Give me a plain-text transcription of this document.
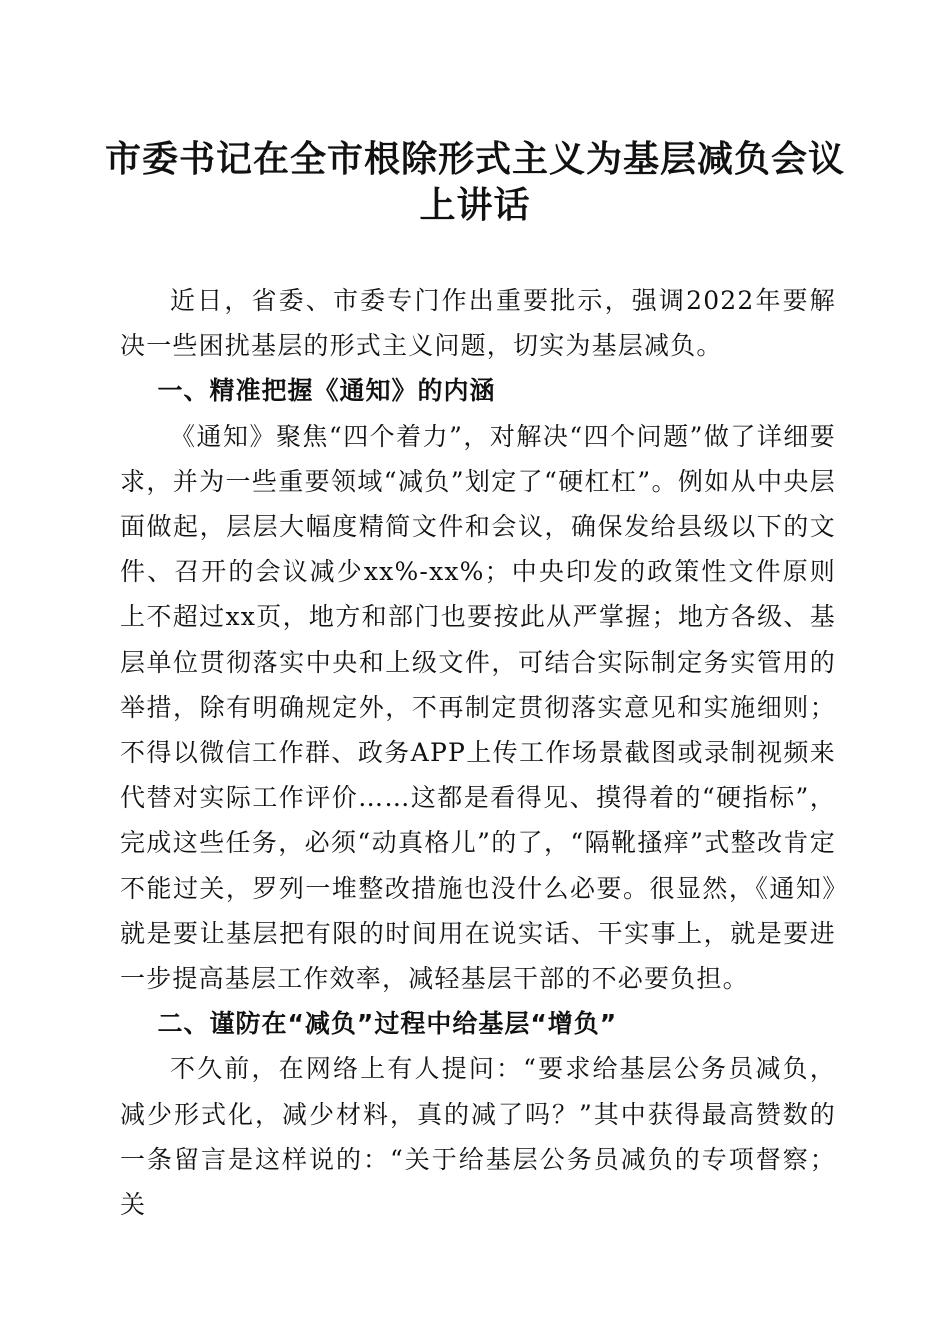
市委书记在全市根除形式主义为基层减负会议
上讲话

近日，省委、市委专门作出重要批示，强调2022年要解决一些困扰基层的形式主义问题，切实为基层减负。

一、精准把握《通知》的内涵

《通知》聚焦“四个着力”，对解决“四个问题”做了详细要求，并为一些重要领域“减负”划定了“硬杠杠”。例如从中央层面做起，层层大幅度精简文件和会议，确保发给县级以下的文件、召开的会议减少xx%-xx%；中央印发的政策性文件原则上不超过xx页，地方和部门也要按此从严掌握；地方各级、基层单位贯彻落实中央和上级文件，可结合实际制定务实管用的举措，除有明确规定外，不再制定贯彻落实意见和实施细则；不得以微信工作群、政务APP上传工作场景截图或录制视频来代替对实际工作评价……这都是看得见、摸得着的“硬指标”，完成这些任务，必须“动真格儿”的了，“隔靴搔痒”式整改肯定不能过关，罗列一堆整改措施也没什么必要。很显然，《通知》就是要让基层把有限的时间用在说实话、干实事上，就是要进一步提高基层工作效率，减轻基层干部的不必要负担。

二、谨防在“减负”过程中给基层“增负”

不久前，在网络上有人提问：“要求给基层公务员减负，减少形式化，减少材料，真的减了吗？”其中获得最高赞数的一条留言是这样说的：“关于给基层公务员减负的专项督察；关
